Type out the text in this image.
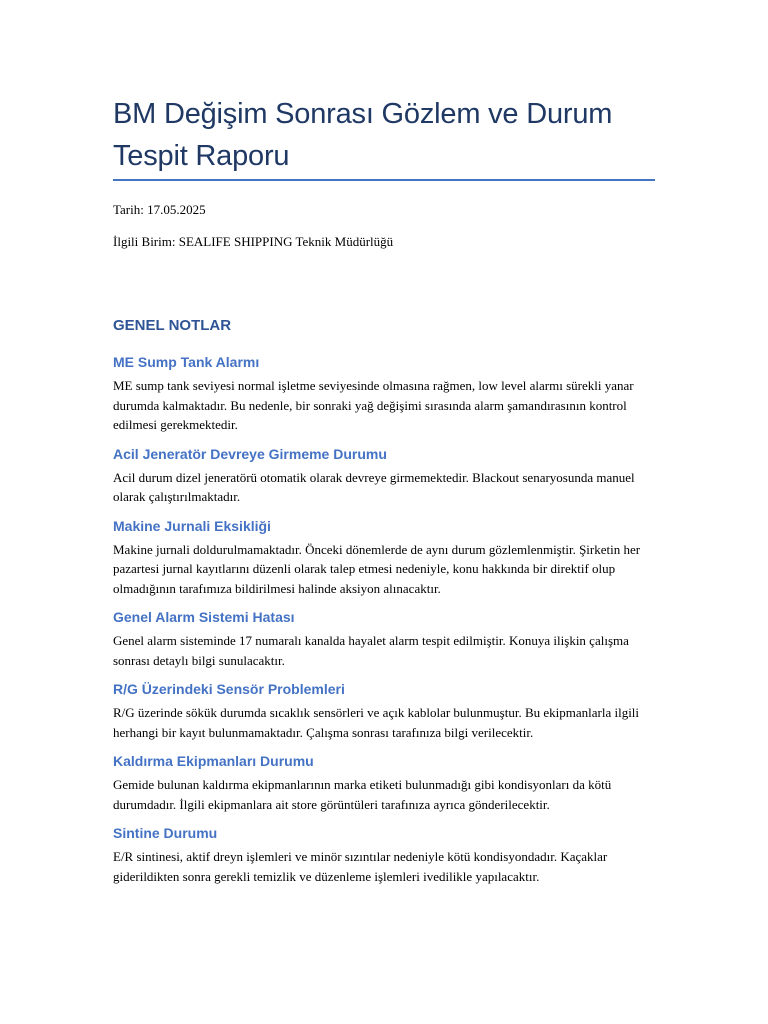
BM Değişim Sonrası Gözlem ve Durum Tespit Raporu

Tarih: 17.05.2025

İlgili Birim: SEALIFE SHIPPING Teknik Müdürlüğü

GENEL NOTLAR
ME Sump Tank Alarmı

ME sump tank seviyesi normal işletme seviyesinde olmasına rağmen, low level alarmı sürekli yanar durumda kalmaktadır. Bu nedenle, bir sonraki yağ değişimi sırasında alarm şamandırasının kontrol edilmesi gerekmektedir.

Acil Jeneratör Devreye Girmeme Durumu

Acil durum dizel jeneratörü otomatik olarak devreye girmemektedir. Blackout senaryosunda manuel olarak çalıştırılmaktadır.

Makine Jurnali Eksikliği

Makine jurnali doldurulmamaktadır. Önceki dönemlerde de aynı durum gözlemlenmiştir. Şirketin her pazartesi jurnal kayıtlarını düzenli olarak talep etmesi nedeniyle, konu hakkında bir direktif olup olmadığının tarafımıza bildirilmesi halinde aksiyon alınacaktır.

Genel Alarm Sistemi Hatası

Genel alarm sisteminde 17 numaralı kanalda hayalet alarm tespit edilmiştir. Konuya ilişkin çalışma sonrası detaylı bilgi sunulacaktır.

R/G Üzerindeki Sensör Problemleri

R/G üzerinde sökük durumda sıcaklık sensörleri ve açık kablolar bulunmuştur. Bu ekipmanlarla ilgili herhangi bir kayıt bulunmamaktadır. Çalışma sonrası tarafınıza bilgi verilecektir.

Kaldırma Ekipmanları Durumu

Gemide bulunan kaldırma ekipmanlarının marka etiketi bulunmadığı gibi kondisyonları da kötü durumdadır. İlgili ekipmanlara ait store görüntüleri tarafınıza ayrıca gönderilecektir.

Sintine Durumu

E/R sintinesi, aktif dreyn işlemleri ve minör sızıntılar nedeniyle kötü kondisyondadır. Kaçaklar giderildikten sonra gerekli temizlik ve düzenleme işlemleri ivedilikle yapılacaktır.
